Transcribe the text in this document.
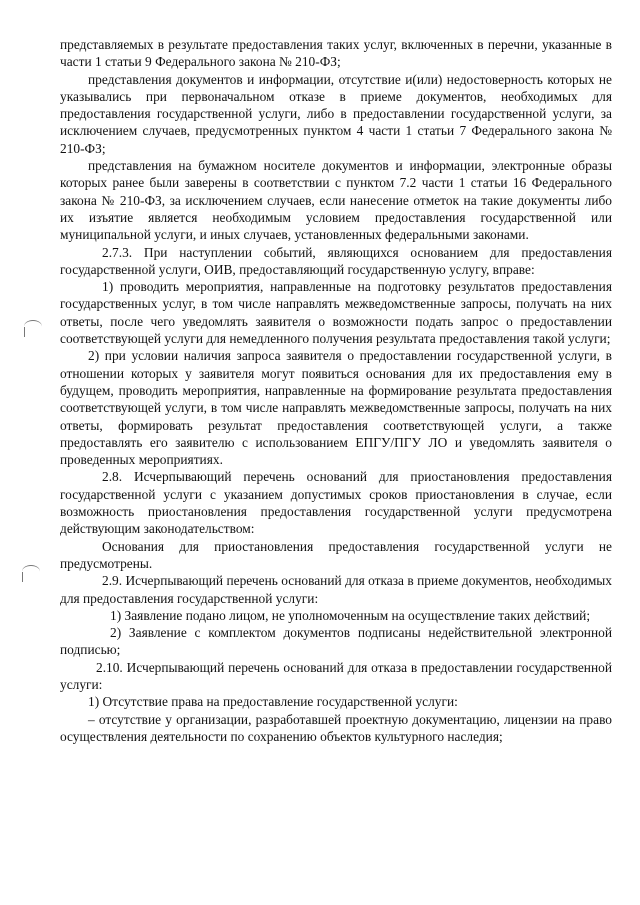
представляемых в результате предоставления таких услуг, включенных в перечни, указанные в части 1 статьи 9 Федерального закона № 210-ФЗ;

представления документов и информации, отсутствие и(или) недостоверность которых не указывались при первоначальном отказе в приеме документов, необходимых для предоставления государственной услуги, либо в предоставлении государственной услуги, за исключением случаев, предусмотренных пунктом 4 части 1 статьи 7 Федерального закона № 210-ФЗ;

представления на бумажном носителе документов и информации, электронные образы которых ранее были заверены в соответствии с пунктом 7.2 части 1 статьи 16 Федерального закона № 210-ФЗ, за исключением случаев, если нанесение отметок на такие документы либо их изъятие является необходимым условием предоставления государственной или муниципальной услуги, и иных случаев, установленных федеральными законами.

2.7.3. При наступлении событий, являющихся основанием для предоставления государственной услуги, ОИВ, предоставляющий государственную услугу, вправе:

1) проводить мероприятия, направленные на подготовку результатов предоставления государственных услуг, в том числе направлять межведомственные запросы, получать на них ответы, после чего уведомлять заявителя о возможности подать запрос о предоставлении соответствующей услуги для немедленного получения результата предоставления такой услуги;

2) при условии наличия запроса заявителя о предоставлении государственной услуги, в отношении которых у заявителя могут появиться основания для их предоставления ему в будущем, проводить мероприятия, направленные на формирование результата предоставления соответствующей услуги, в том числе направлять межведомственные запросы, получать на них ответы, формировать результат предоставления соответствующей услуги, а также предоставлять его заявителю с использованием ЕПГУ/ПГУ ЛО и уведомлять заявителя о проведенных мероприятиях.

2.8. Исчерпывающий перечень оснований для приостановления предоставления государственной услуги с указанием допустимых сроков приостановления в случае, если возможность приостановления предоставления государственной услуги предусмотрена действующим законодательством:

Основания для приостановления предоставления государственной услуги не предусмотрены.

2.9. Исчерпывающий перечень оснований для отказа в приеме документов, необходимых для предоставления государственной услуги:

1) Заявление подано лицом, не уполномоченным на осуществление таких действий;

2) Заявление с комплектом документов подписаны недействительной электронной подписью;

2.10. Исчерпывающий перечень оснований для отказа в предоставлении государственной услуги:

1) Отсутствие права на предоставление государственной услуги:

– отсутствие у организации, разработавшей проектную документацию, лицензии на право осуществления деятельности по сохранению объектов культурного наследия;
